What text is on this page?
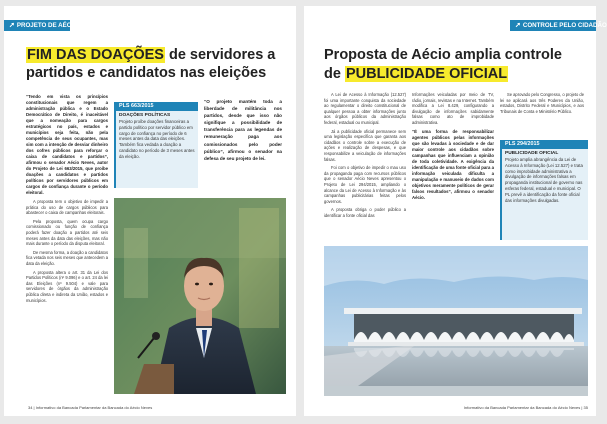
➚ PROJETO DE AÉCIO
FIM DAS DOAÇÕES de servidores a partidos e candidatos nas eleições

“Tendo em vista os princípios constitucionais que regem a administração pública e o Estado Democrático de Direito, é inaceitável que a nomeação para cargos estratégicos no país, estados e municípios seja feita, não pela competência de seus ocupantes, mas sim com a intenção de desviar dinheiro dos cofres públicos para reforçar o caixa de candidatos e partidos”, afirmou o senador Aécio Neves, autor do Projeto de Lei 663/2015, que proíbe doações a candidatos e partidos políticos por servidores públicos em cargos de confiança durante o período eleitoral.

A proposta tem o objetivo de impedir a prática do uso de cargos públicos para abastecer o caixa de campanhas eleitorais.

Pela proposta, quem ocupa cargo comissionado ou função de confiança poderá fazer doação a partidos até seis meses antes da data das eleições, mas não mais durante o período da disputa eleitoral.

De mesma forma, a doação a candidatos fica vetada nos seis meses que antecedem a data da eleição.

A proposta altera o art. 31 da Lei dos Partidos Políticos (nº 9.096) e o art. 24 da lei das Eleições (nº 9.504) e vale para servidores de órgãos da administração pública direta e indireta da União, estados e municípios.

PLS 663/2015
DOAÇÕES POLÍTICAS
Projeto proíbe doações financeiras a partido político por servidor público em cargo de confiança no período de 6 meses antes da data das eleições. Também fica vedada a doação a candidato no período de 3 meses antes da eleição.
“O projeto mantém toda a liberdade de militância nos partidos, desde que isso não signifique a possibilidade de transferência para as legendas de remuneração paga aos comissionados pelo poder público”, afirmou o senador na defesa de seu projeto de lei.
34 | Informativo da Bancada Parlamentar da Bancada do Aécio Neves
➚ CONTROLE PELO CIDADÃO
Proposta de Aécio amplia controle
de PUBLICIDADE OFICIAL

A Lei de Acesso à Informação (12.527) foi uma importante conquista da sociedade ao regulamentar o direito constitucional de qualquer pessoa a obter informações junto aos órgãos públicos da administração federal, estadual ou municipal.

Já a publicidade oficial permanece sem uma legislação específica que garanta aos cidadãos o controle sobre a execução de ações e realização de despesas, e que responsabilize a veiculação de informações falsas.

Foi com o objetivo de impedir o mau uso da propaganda paga com recursos públicos que o senador Aécio Neves apresentou o Projeto de Lei 294/2015, ampliando o alcance da Lei de Acesso à Informação e às campanhas publicitárias feitas pelos governos.

A proposta obriga o poder público a identificar a fonte oficial das

Informações veiculadas por meio de TV, rádio, jornais, revistas e na Internet. Também modifica a Lei 8.429, configurando a divulgação de informações sabidamente falsas como ato de improbidade administrativa.

“É uma forma de responsabilizar agentes públicos pelas informações que são levadas à sociedade e de dar maior controle aos cidadãos sobre campanhas que influenciam a opinião de toda coletividade. A exigência da identificação de uma fonte oficial para a informação veiculada dificulta a manipulação e manuseio de dados com objetivos meramente políticos de gerar falsos resultados”, afirmou o senador Aécio.

Se aprovado pelo Congresso, o projeto de lei se aplicará aos três Poderes da União, estados, Distrito Federal e Municípios, e aos Tribunais de Conta e Ministério Público.

PLS 294/2015
PUBLICIDADE OFICIAL
Projeto amplia abrangência da Lei de Acesso à Informação (Lei 12.527) e trata como improbidade administrativa a divulgação de informações falsas em propaganda institucional de governo nas esferas federal, estadual e municipal. O PL prevê a identificação da fonte oficial das informações divulgadas.
Informativo da Bancada Parlamentar da Bancada do Aécio Neves | 35
